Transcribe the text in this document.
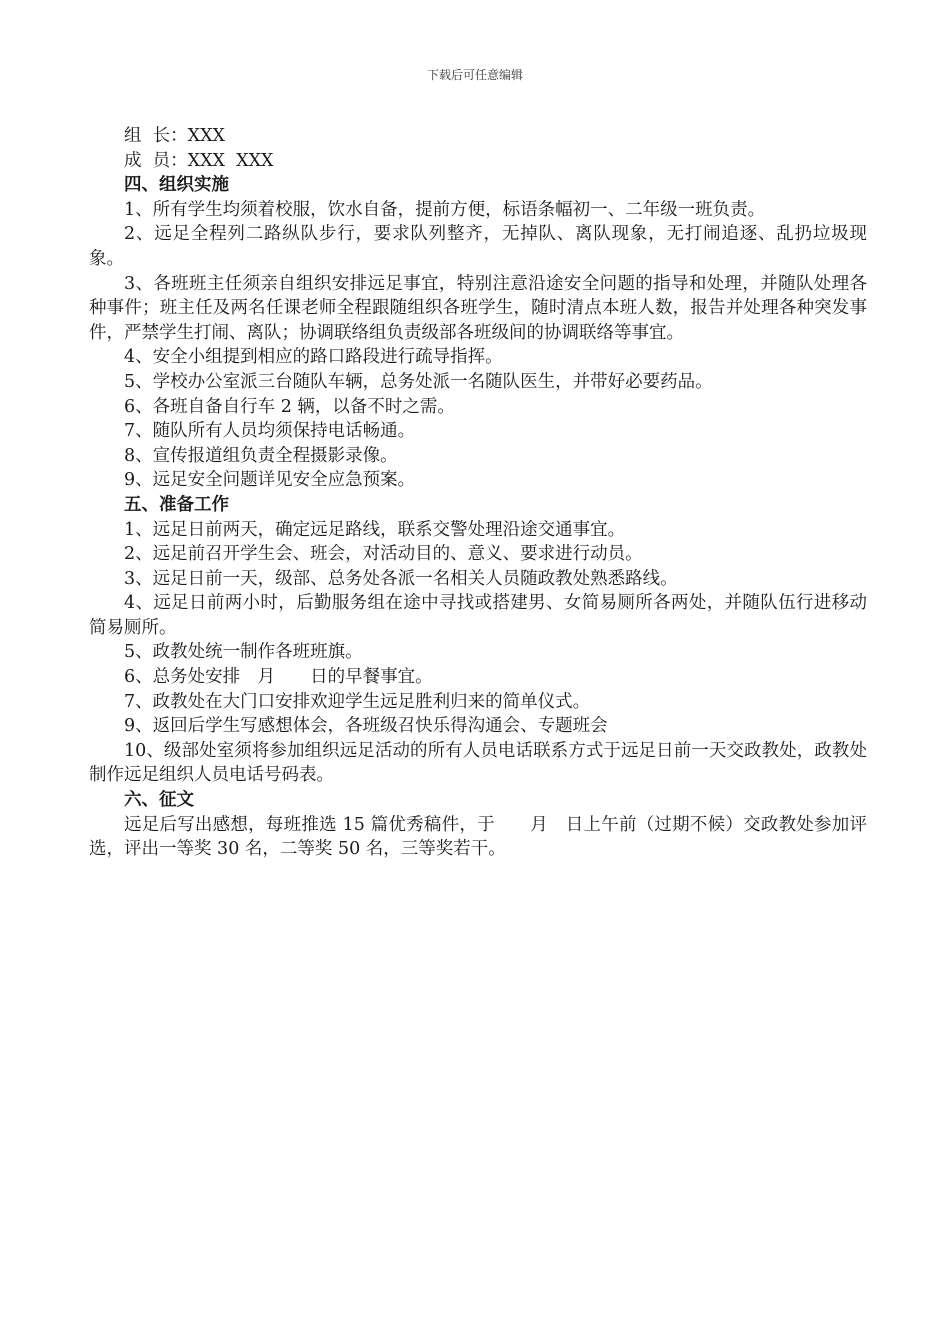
下载后可任意编辑

组  长：XXX

成  员：XXX  XXX

四、组织实施

1、所有学生均须着校服，饮水自备，提前方便，标语条幅初一、二年级一班负责。

2、远足全程列二路纵队步行，要求队列整齐，无掉队、离队现象，无打闹追逐、乱扔垃圾现象。

3、各班班主任须亲自组织安排远足事宜，特别注意沿途安全问题的指导和处理，并随队处理各种事件；班主任及两名任课老师全程跟随组织各班学生，随时清点本班人数，报告并处理各种突发事件，严禁学生打闹、离队；协调联络组负责级部各班级间的协调联络等事宜。

4、安全小组提到相应的路口路段进行疏导指挥。

5、学校办公室派三台随队车辆，总务处派一名随队医生，并带好必要药品。

6、各班自备自行车 2 辆，以备不时之需。

7、随队所有人员均须保持电话畅通。

8、宣传报道组负责全程摄影录像。

9、远足安全问题详见安全应急预案。

五、准备工作

1、远足日前两天，确定远足路线，联系交警处理沿途交通事宜。

2、远足前召开学生会、班会，对活动目的、意义、要求进行动员。

3、远足日前一天，级部、总务处各派一名相关人员随政教处熟悉路线。

4、远足日前两小时，后勤服务组在途中寻找或搭建男、女简易厕所各两处，并随队伍行进移动简易厕所。

5、政教处统一制作各班班旗。

6、总务处安排　月　　日的早餐事宜。

7、政教处在大门口安排欢迎学生远足胜利归来的简单仪式。

9、返回后学生写感想体会，各班级召快乐得沟通会、专题班会

10、级部处室须将参加组织远足活动的所有人员电话联系方式于远足日前一天交政教处，政教处制作远足组织人员电话号码表。

六、征文

远足后写出感想，每班推选 15 篇优秀稿件，于　　月　日上午前（过期不候）交政教处参加评选，评出一等奖 30 名，二等奖 50 名，三等奖若干。
